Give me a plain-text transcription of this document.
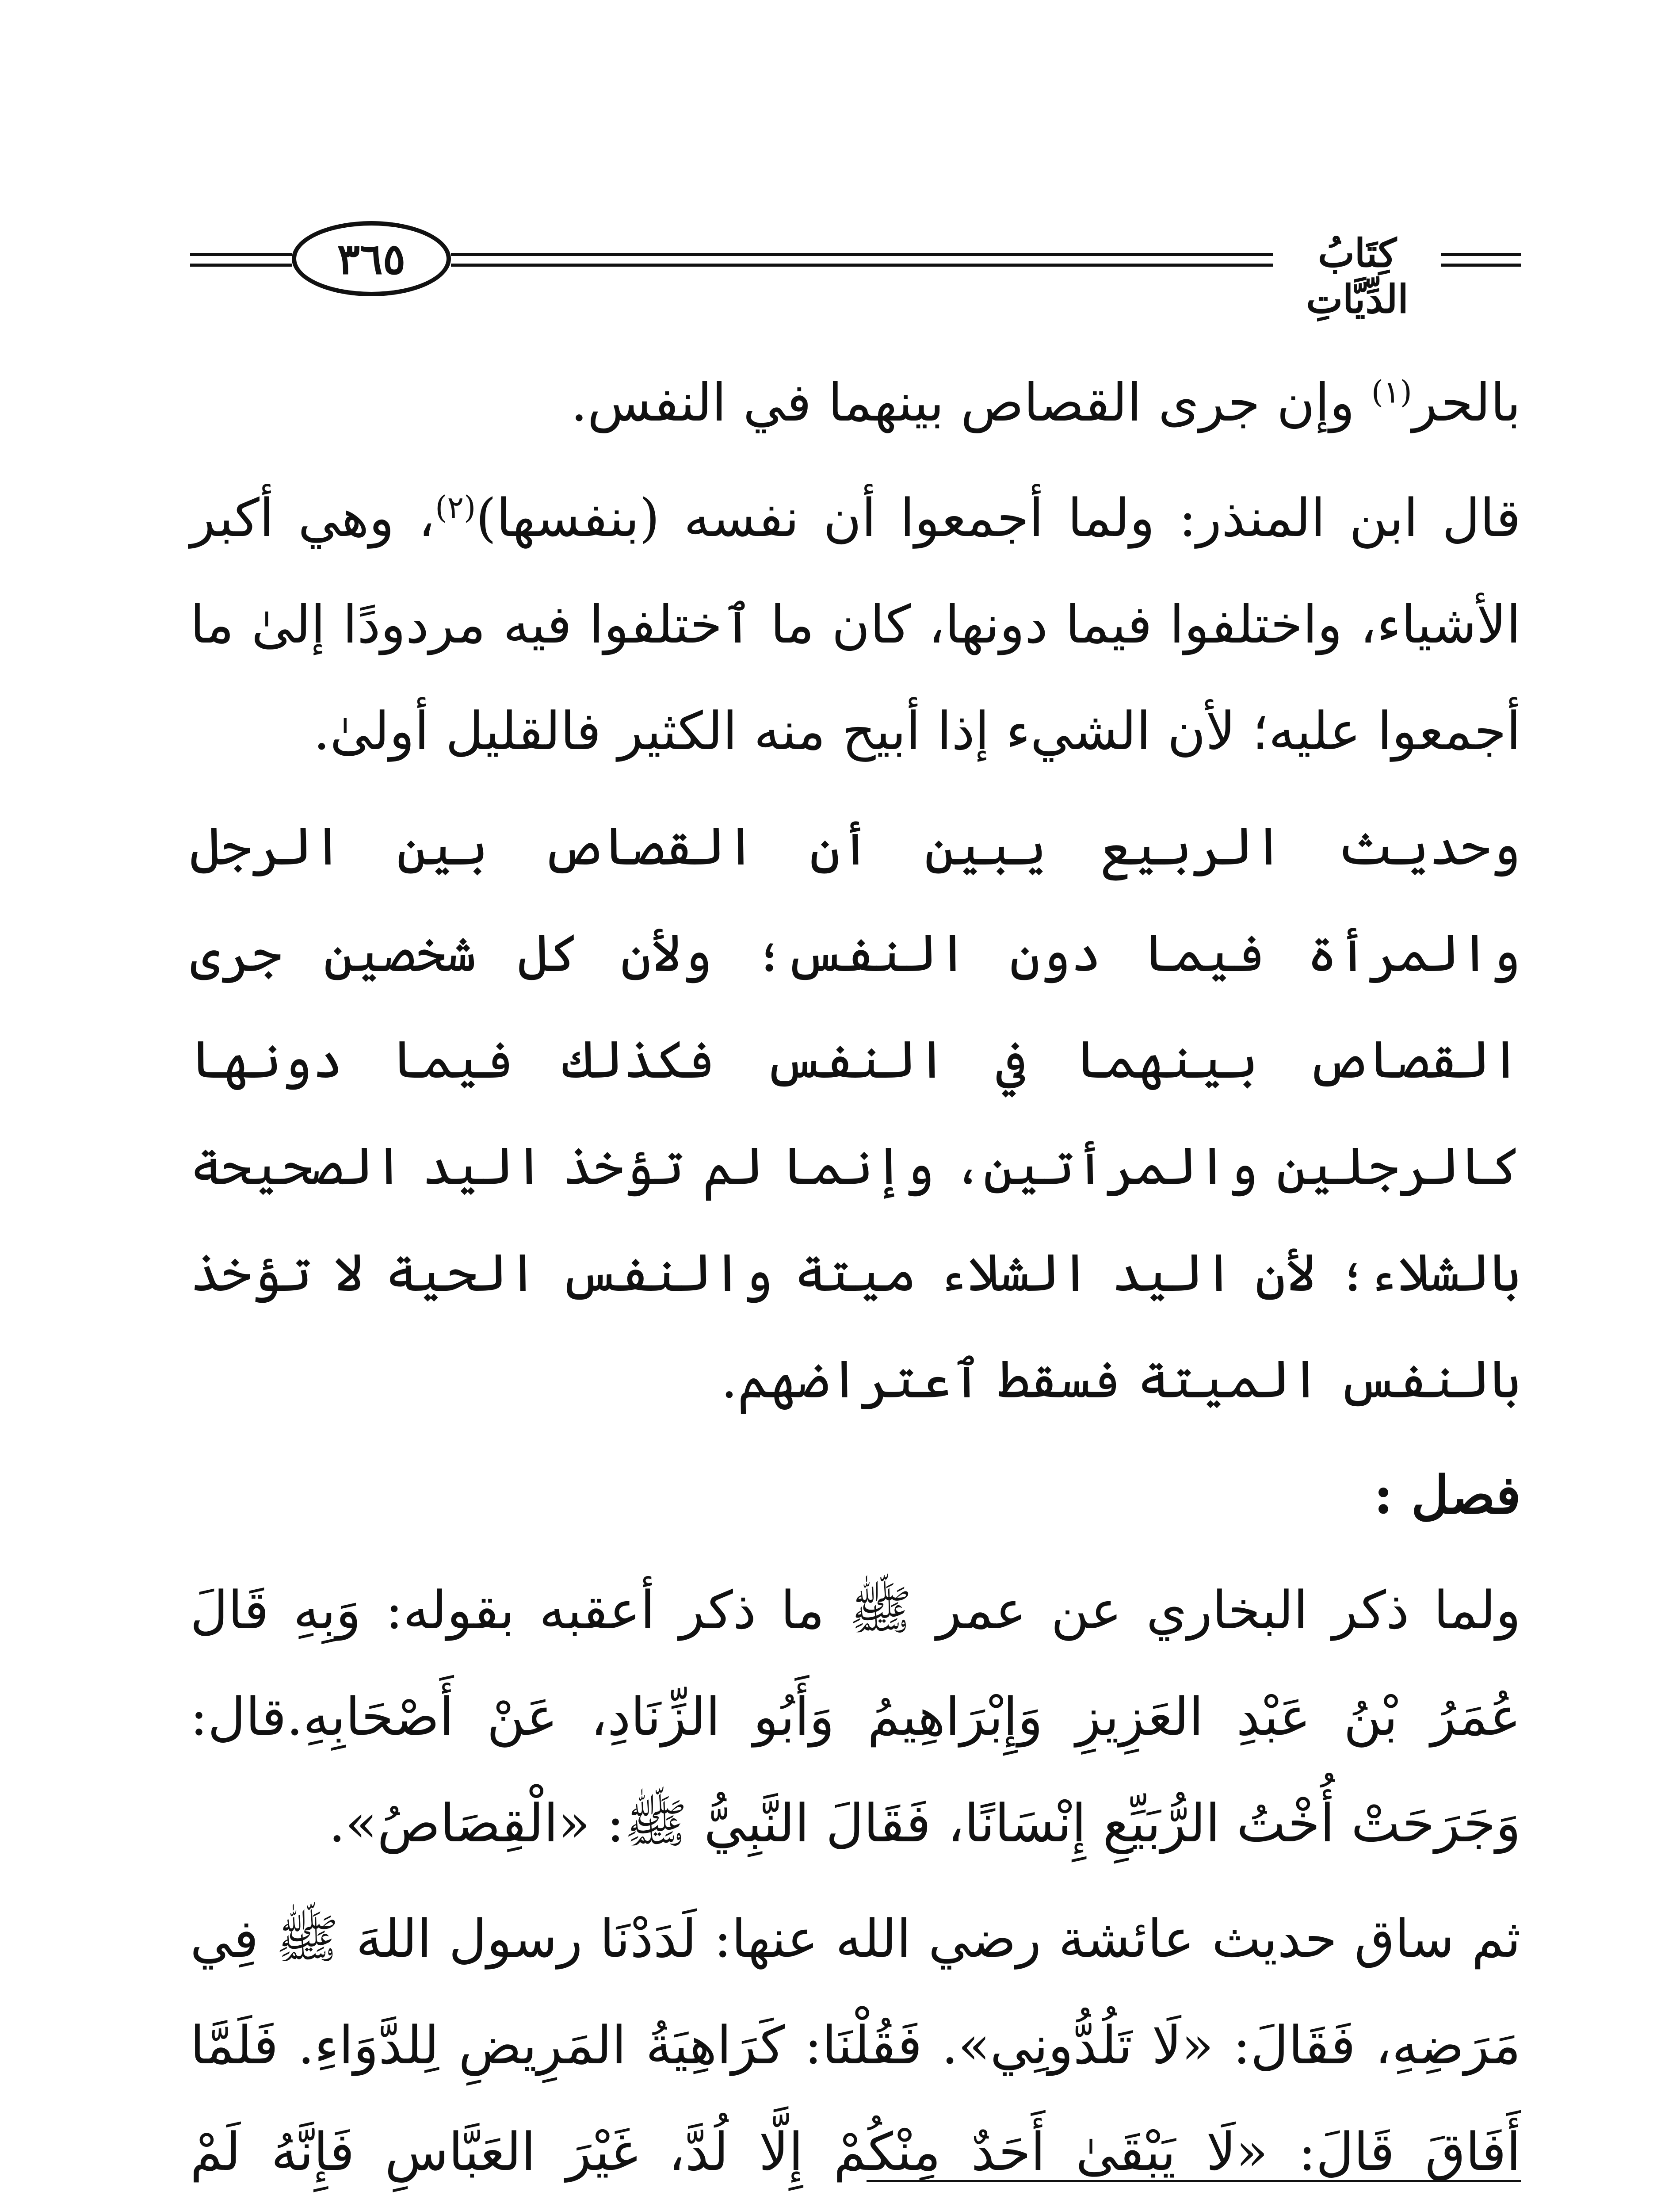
٣٦٥	كِتَابُ الدِّيَّاتِ

بالحر$^{(١)}$ وإن جرى القصاص بينهما في النفس.

قال ابن المنذر: ولما أجمعوا أن نفسه (بنفسها)$^{(٢)}$، وهي أكبر الأشياء، واختلفوا فيما دونها، كان ما ٱختلفوا فيه مردودًا إلىٰ ما أجمعوا عليه؛ لأن الشيء إذا أبيح منه الكثير فالقليل أولىٰ.

وحديث الربيع يبين أن القصاص بين الرجل والمرأة فيما دون النفس؛ ولأن كل شخصين جرى القصاص بينهما في النفس فكذلك فيما دونها كالرجلين والمرأتين، وإنما لم تؤخذ اليد الصحيحة بالشلاء؛ لأن اليد الشلاء ميتة والنفس الحية لا تؤخذ بالنفس الميتة فسقط ٱعتراضهم.

فصل :

ولما ذكر البخاري عن عمر ﷺ ما ذكر أعقبه بقوله: وَبِهِ قَالَ عُمَرُ بْنُ عَبْدِ العَزِيزِ وَإِبْرَاهِيمُ وَأَبُو الزِّنَادِ، عَنْ أَصْحَابِهِ.قال: وَجَرَحَتْ أُخْتُ الرُّبَيِّعِ إِنْسَانًا، فَقَالَ النَّبِيُّ ﷺ: «الْقِصَاصُ».

ثم ساق حديث عائشة رضي الله عنها: لَدَدْنَا رسول اللهَ ﷺ فِي مَرَضِهِ، فَقَالَ: «لَا تَلُدُّونِي». فَقُلْنَا: كَرَاهِيَةُ المَرِيضِ لِلدَّوَاءِ. فَلَمَّا أَفَاقَ قَالَ: «لَا يَبْقَىٰ أَحَدٌ مِنْكُمْ إِلَّا لُدَّ، غَيْرَ العَبَّاسِ فَإِنَّهُ لَمْ
